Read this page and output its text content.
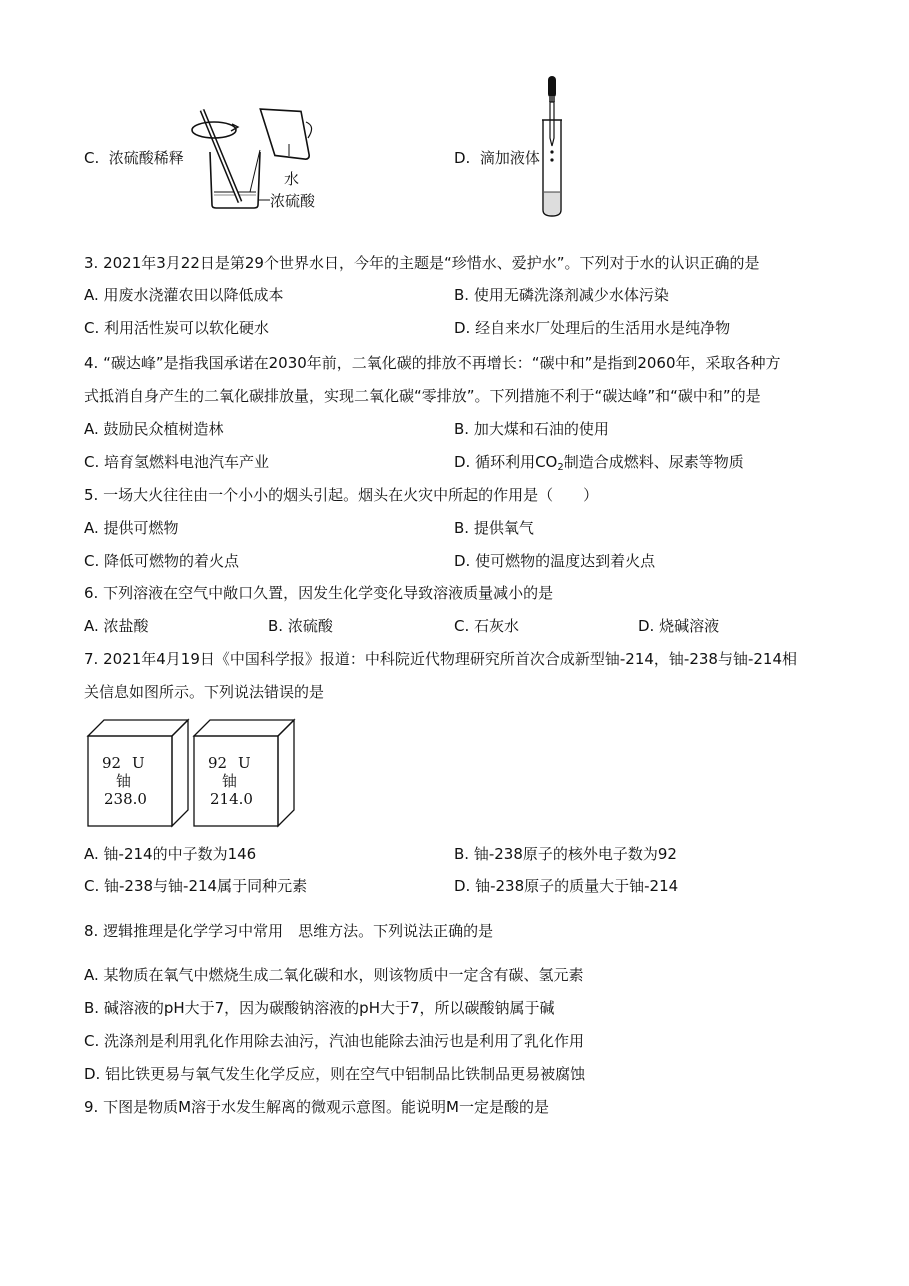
C. 浓硫酸稀释
水
浓硫酸
D. 滴加液体
3. 2021年3月22日是第29个世界水日，今年的主题是“珍惜水、爱护水”。下列对于水的认识正确的是
A. 用废水浇灌农田以降低成本	B. 使用无磷洗涤剂减少水体污染
C. 利用活性炭可以软化硬水	D. 经自来水厂处理后的生活用水是纯净物
4. “碳达峰”是指我国承诺在2030年前，二氧化碳的排放不再增长：“碳中和”是指到2060年，采取各种方
式抵消自身产生的二氧化碳排放量，实现二氧化碳“零排放”。下列措施不利于“碳达峰”和“碳中和”的是
A. 鼓励民众植树造林	B. 加大煤和石油的使用
C. 培育氢燃料电池汽车产业	D. 循环利用$CO_2$制造合成燃料、尿素等物质
5. 一场大火往往由一个小小的烟头引起。烟头在火灾中所起的作用是（　　）
A. 提供可燃物	B. 提供氧气
C. 降低可燃物的着火点	D. 使可燃物的温度达到着火点
6. 下列溶液在空气中敞口久置，因发生化学变化导致溶液质量减小的是
A. 浓盐酸	B. 浓硫酸	C. 石灰水	D. 烧碱溶液
7. 2021年4月19日《中国科学报》报道：中科院近代物理研究所首次合成新型铀-214，铀-238与铀-214相
关信息如图所示。下列说法错误的是
92 U
铀
238.0
92 U
铀
214.0
A. 铀-214的中子数为146	B. 铀-238原子的核外电子数为92
C. 铀-238与铀-214属于同种元素	D. 铀-238原子的质量大于铀-214
8. 逻辑推理是化学学习中常用　思维方法。下列说法正确的是
A. 某物质在氧气中燃烧生成二氧化碳和水，则该物质中一定含有碳、氢元素
B. 碱溶液的pH大于7，因为碳酸钠溶液的pH大于7，所以碳酸钠属于碱
C. 洗涤剂是利用乳化作用除去油污，汽油也能除去油污也是利用了乳化作用
D. 铝比铁更易与氧气发生化学反应，则在空气中铝制品比铁制品更易被腐蚀
9. 下图是物质M溶于水发生解离的微观示意图。能说明M一定是酸的是
